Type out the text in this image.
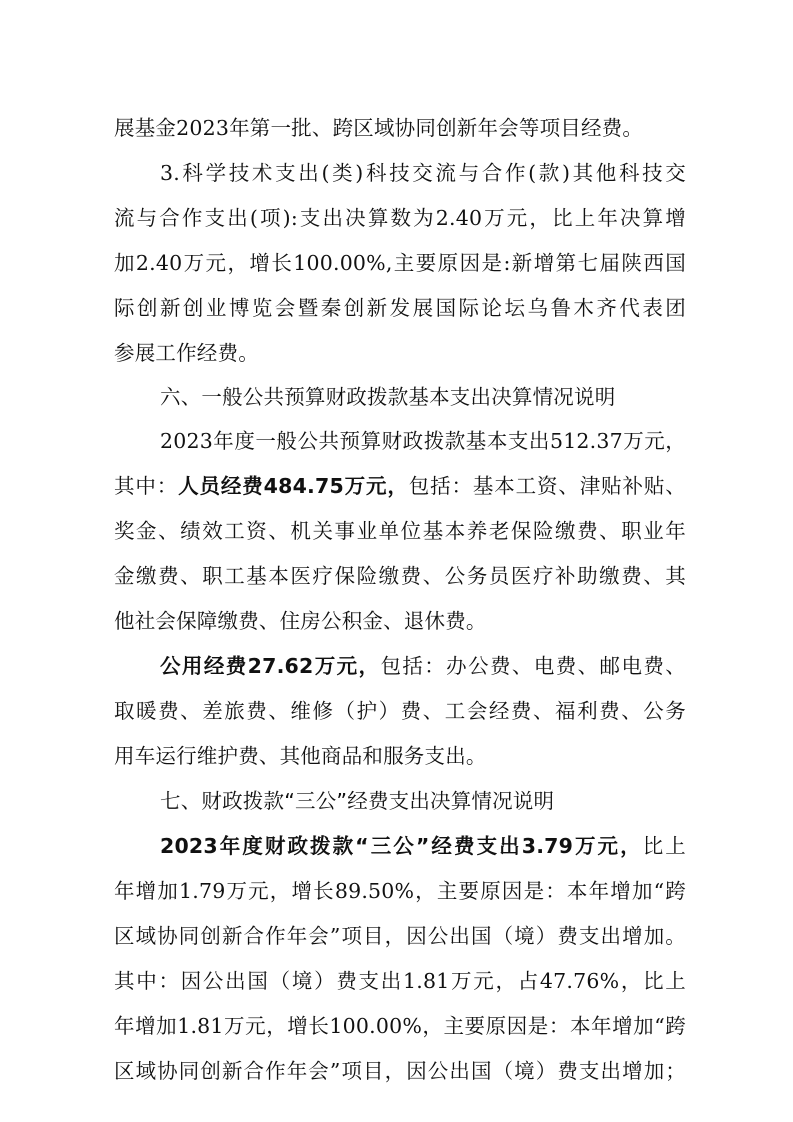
展基金2023年第一批、跨区域协同创新年会等项目经费。
3.科学技术支出(类)科技交流与合作(款)其他科技交
流与合作支出(项):支出决算数为2.40万元，比上年决算增
加2.40万元，增长100.00%,主要原因是:新增第七届陕西国
际创新创业博览会暨秦创新发展国际论坛乌鲁木齐代表团
参展工作经费。
六、一般公共预算财政拨款基本支出决算情况说明
2023年度一般公共预算财政拨款基本支出512.37万元，
其中：人员经费484.75万元，包括：基本工资、津贴补贴、
奖金、绩效工资、机关事业单位基本养老保险缴费、职业年
金缴费、职工基本医疗保险缴费、公务员医疗补助缴费、其
他社会保障缴费、住房公积金、退休费。
公用经费27.62万元，包括：办公费、电费、邮电费、
取暖费、差旅费、维修（护）费、工会经费、福利费、公务
用车运行维护费、其他商品和服务支出。
七、财政拨款“三公”经费支出决算情况说明
2023年度财政拨款“三公”经费支出3.79万元，比上
年增加1.79万元，增长89.50%，主要原因是：本年增加“跨
区域协同创新合作年会”项目，因公出国（境）费支出增加。
其中：因公出国（境）费支出1.81万元，占47.76%，比上
年增加1.81万元，增长100.00%，主要原因是：本年增加“跨
区域协同创新合作年会”项目，因公出国（境）费支出增加；
